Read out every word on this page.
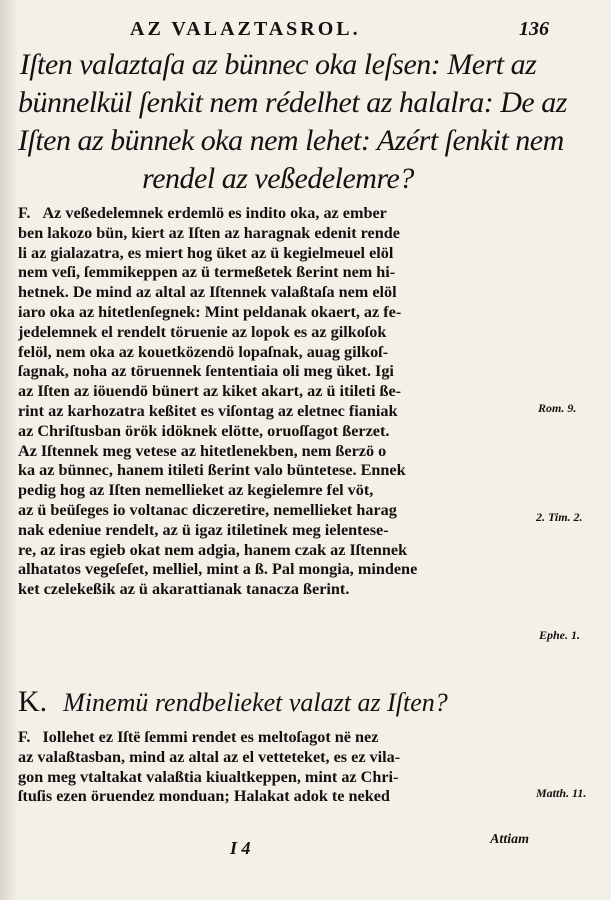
AZ VALAZTASROL.	136
Iſten valaztaſa az bünnec oka leſsen: Mert az
bünnelkül ſenkit nem rédelhet az halalra: De az
Iſten az bünnek oka nem lehet: Azért ſenkit nem
rendel az veßedelemre?
F. Az veßedelemnek erdemlö es indito oka, az ember
ben lakozo bün, kiert az Iſten az haragnak edenit rende
li az gialazatra, es miert hog üket az ü kegielmeuel elöl
nem veſi, ſemmikeppen az ü termeßetek ßerint nem hi-
hetnek. De mind az altal az Iſtennek valaßtaſa nem elöl
iaro oka az hitetlenſegnek: Mint peldanak okaert, az fe-
jedelemnek el rendelt töruenie az lopok es az gilkoſok
felöl, nem oka az kouetközendö lopaſnak, auag gilkoſ-
ſagnak, noha az töruennek ſententiaia oli meg üket. Igi
az Iſten az iöuendö bünert az kiket akart, az ü itileti ße-
rint az karhozatra keßitet es viſontag az eletnec fianiak
az Chriſtusban örök idöknek elötte, oruoſſagot ßerzet.
Az Iſtennek meg vetese az hitetlenekben, nem ßerzö o
ka az bünnec, hanem itileti ßerint valo büntetese. Ennek
pedig hog az Iſten nemellieket az kegielemre fel vöt,
az ü beüſeges io voltanac diczeretire, nemellieket harag
nak edeniue rendelt, az ü igaz itiletinek meg ielentese-
re, az iras egieb okat nem adgia, hanem czak az Iſtennek
alhatatos vegeſeſet, melliel, mint a ß. Pal mongia, mindene
ket czelekeßik az ü akarattianak tanacza ßerint.
Rom. 9.
2. Tim. 2.
Ephe. 1.
Matth. 11.
K. Minemü rendbelieket valazt az Iſten?
F. Iollehet ez Iſtë ſemmi rendet es meltoſagot në nez
az valaßtasban, mind az altal az el vetteteket, es ez vila-
gon meg vtaltakat valaßtia kiualtkeppen, mint az Chri-
ſtuſis ezen öruendez monduan; Halakat adok te neked
I 4	Attiam
